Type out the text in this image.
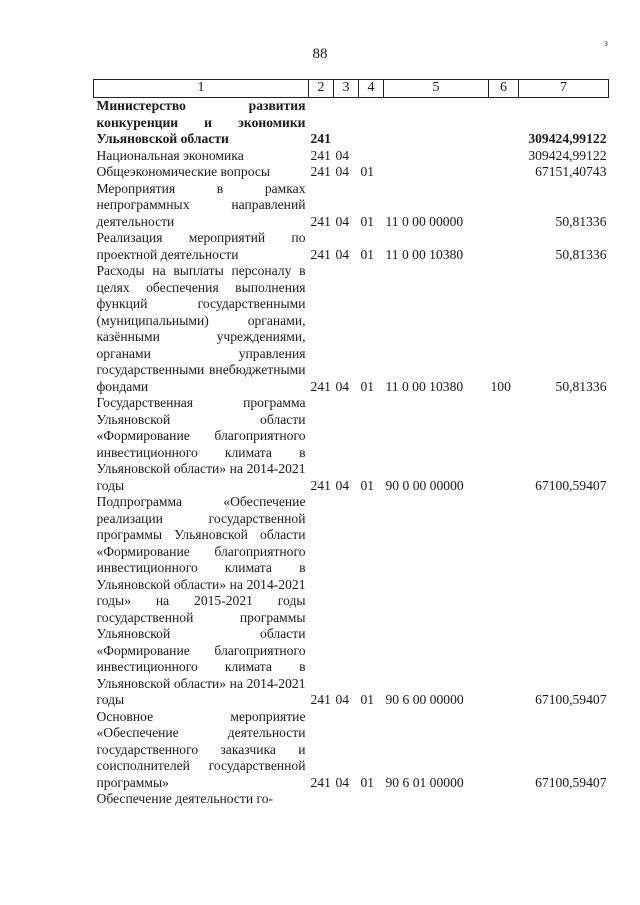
88
з
1	2	3	4	5	6	7
Министерство развития конкуренции и экономики Ульяновской области	241					309424,99122
Национальная экономика	241	04				309424,99122
Общеэкономические вопросы	241	04	01			67151,40743
Мероприятия в рамках непрограммных направлений деятельности	241	04	01	11 0 00 00000		50,81336
Реализация мероприятий по проектной деятельности	241	04	01	11 0 00 10380		50,81336
Расходы на выплаты персоналу в целях обеспечения выполнения функций государственными (муниципальными) органами, казёнными учреждениями, органами управления государственными внебюджетными фондами	241	04	01	11 0 00 10380	100	50,81336
Государственная программа Ульяновской области «Формирование благоприятного инвестиционного климата в Ульяновской области» на 2014-2021 годы	241	04	01	90 0 00 00000		67100,59407
Подпрограмма «Обеспечение реализации государственной программы Ульяновской области «Формирование благоприятного инвестиционного климата в Ульяновской области» на 2014-2021 годы» на 2015-2021 годы государственной программы Ульяновской области «Формирование благоприятного инвестиционного климата в Ульяновской области» на 2014-2021 годы	241	04	01	90 6 00 00000		67100,59407
Основное мероприятие «Обеспечение деятельности государственного заказчика и соисполнителей государственной программы»	241	04	01	90 6 01 00000		67100,59407
Обеспечение деятельности го-						
